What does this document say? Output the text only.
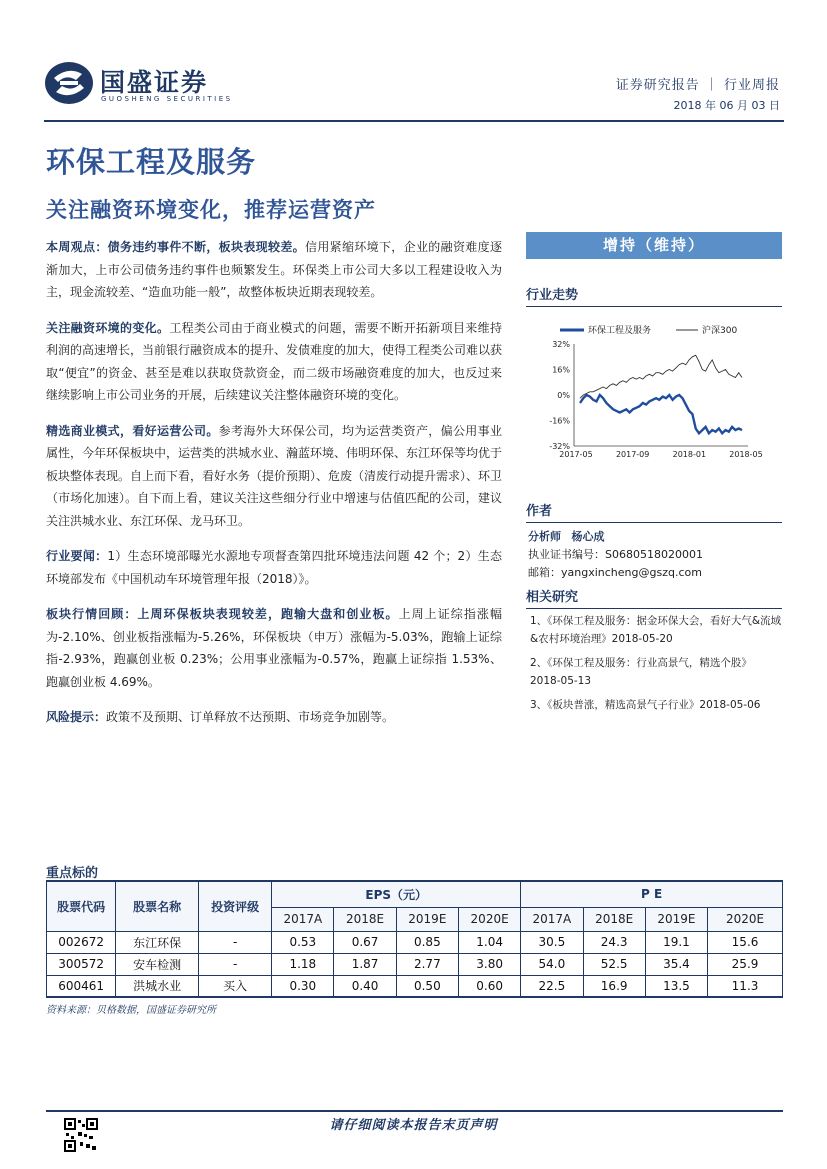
国盛证券
GUOSHENG SECURITIES
证券研究报告 ｜ 行业周报
2018 年 06 月 03 日
环保工程及服务
关注融资环境变化，推荐运营资产

本周观点：债务违约事件不断，板块表现较差。信用紧缩环境下，企业的融资难度逐渐加大，上市公司债务违约事件也频繁发生。环保类上市公司大多以工程建设收入为主，现金流较差、“造血功能一般”，故整体板块近期表现较差。

关注融资环境的变化。工程类公司由于商业模式的问题，需要不断开拓新项目来维持利润的高速增长，当前银行融资成本的提升、发债难度的加大，使得工程类公司难以获取“便宜”的资金、甚至是难以获取贷款资金，而二级市场融资难度的加大，也反过来继续影响上市公司业务的开展，后续建议关注整体融资环境的变化。

精选商业模式，看好运营公司。参考海外大环保公司，均为运营类资产，偏公用事业属性，今年环保板块中，运营类的洪城水业、瀚蓝环境、伟明环保、东江环保等均优于板块整体表现。自上而下看，看好水务（提价预期）、危废（清废行动提升需求）、环卫（市场化加速）。自下而上看，建议关注这些细分行业中增速与估值匹配的公司，建议关注洪城水业、东江环保、龙马环卫。

行业要闻：1）生态环境部曝光水源地专项督查第四批环境违法问题 42 个；2）生态环境部发布《中国机动车环境管理年报（2018）》。

板块行情回顾：上周环保板块表现较差，跑输大盘和创业板。上周上证综指涨幅为-2.10%、创业板指涨幅为-5.26%，环保板块（申万）涨幅为-5.03%，跑输上证综指-2.93%，跑赢创业板 0.23%；公用事业涨幅为-0.57%，跑赢上证综指 1.53%、跑赢创业板 4.69%。

风险提示：政策不及预期、订单释放不达预期、市场竞争加剧等。

增持（维持）
行业走势
32%
16%
0%
-16%
-32%
2017-05	2017-09	2018-01	2018-05
环保工程及服务	沪深300
作者
分析师 杨心成
执业证书编号：S0680518020001
邮箱：yangxincheng@gszq.com
相关研究
1、《环保工程及服务：据金环保大会，看好大气&流域&农村环境治理》2018-05-20
2、《环保工程及服务：行业高景气，精选个股》2018-05-13
3、《板块普涨，精选高景气子行业》2018-05-06
重点标的
股票代码	股票名称	投资评级	EPS（元）				P E			
			2017A	2018E	2019E	2020E	2017A	2018E	2019E	2020E
002672	东江环保	-	0.53	0.67	0.85	1.04	30.5	24.3	19.1	15.6
300572	安车检测	-	1.18	1.87	2.77	3.80	54.0	52.5	35.4	25.9
600461	洪城水业	买入	0.30	0.40	0.50	0.60	22.5	16.9	13.5	11.3
资料来源：贝格数据，国盛证券研究所
请仔细阅读本报告末页声明
